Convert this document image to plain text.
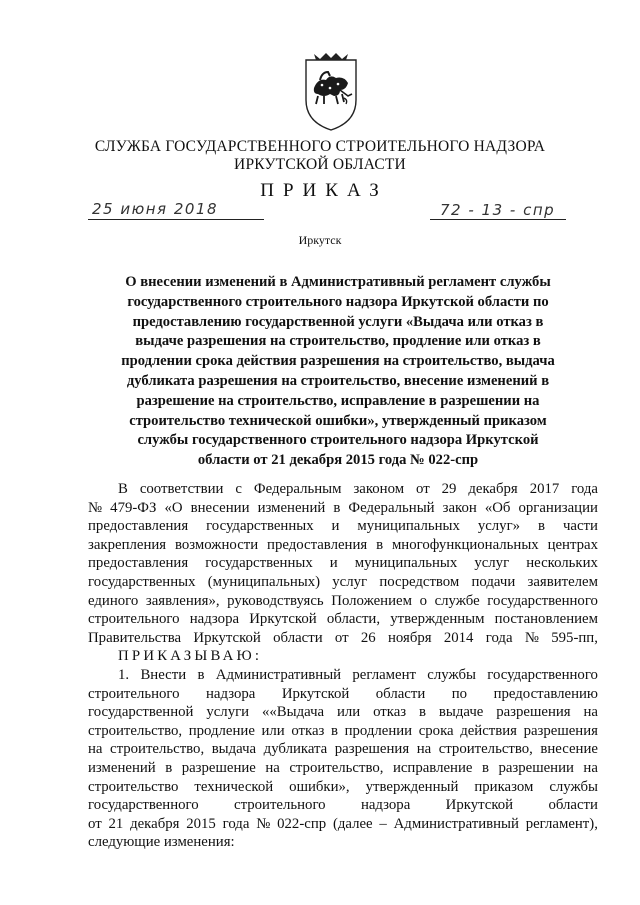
СЛУЖБА ГОСУДАРСТВЕННОГО СТРОИТЕЛЬНОГО НАДЗОРА
ИРКУТСКОЙ ОБЛАСТИ
ПРИКАЗ
25 июня 2018	72 - 13 - спр
Иркутск
О внесении изменений в Административный регламент службы
государственного строительного надзора Иркутской области по
предоставлению государственной услуги «Выдача или отказ в
выдаче разрешения на строительство, продление или отказ в
продлении срока действия разрешения на строительство, выдача
дубликата разрешения на строительство, внесение изменений в
разрешение на строительство, исправление в разрешении на
строительство технической ошибки», утвержденный приказом
службы государственного строительного надзора Иркутской
области от 21 декабря 2015 года № 022-спр
В соответствии с Федеральным законом от 29 декабря 2017 года
№ 479-ФЗ «О внесении изменений в Федеральный закон «Об организации
предоставления государственных и муниципальных услуг» в части
закрепления возможности предоставления в многофункциональных центрах
предоставления государственных и муниципальных услуг нескольких
государственных (муниципальных) услуг посредством подачи заявителем
единого заявления», руководствуясь Положением о службе государственного
строительного надзора Иркутской области, утвержденным постановлением
Правительства Иркутской области от 26 ноября 2014 года № 595-пп,
ПРИКАЗЫВАЮ:
1. Внести в Административный регламент службы государственного
строительного надзора Иркутской области по предоставлению
государственной услуги ««Выдача или отказ в выдаче разрешения на
строительство, продление или отказ в продлении срока действия разрешения
на строительство, выдача дубликата разрешения на строительство, внесение
изменений в разрешение на строительство, исправление в разрешении на
строительство технической ошибки», утвержденный приказом службы
государственного строительного надзора Иркутской области
от 21 декабря 2015 года № 022-спр (далее – Административный регламент),
следующие изменения:
